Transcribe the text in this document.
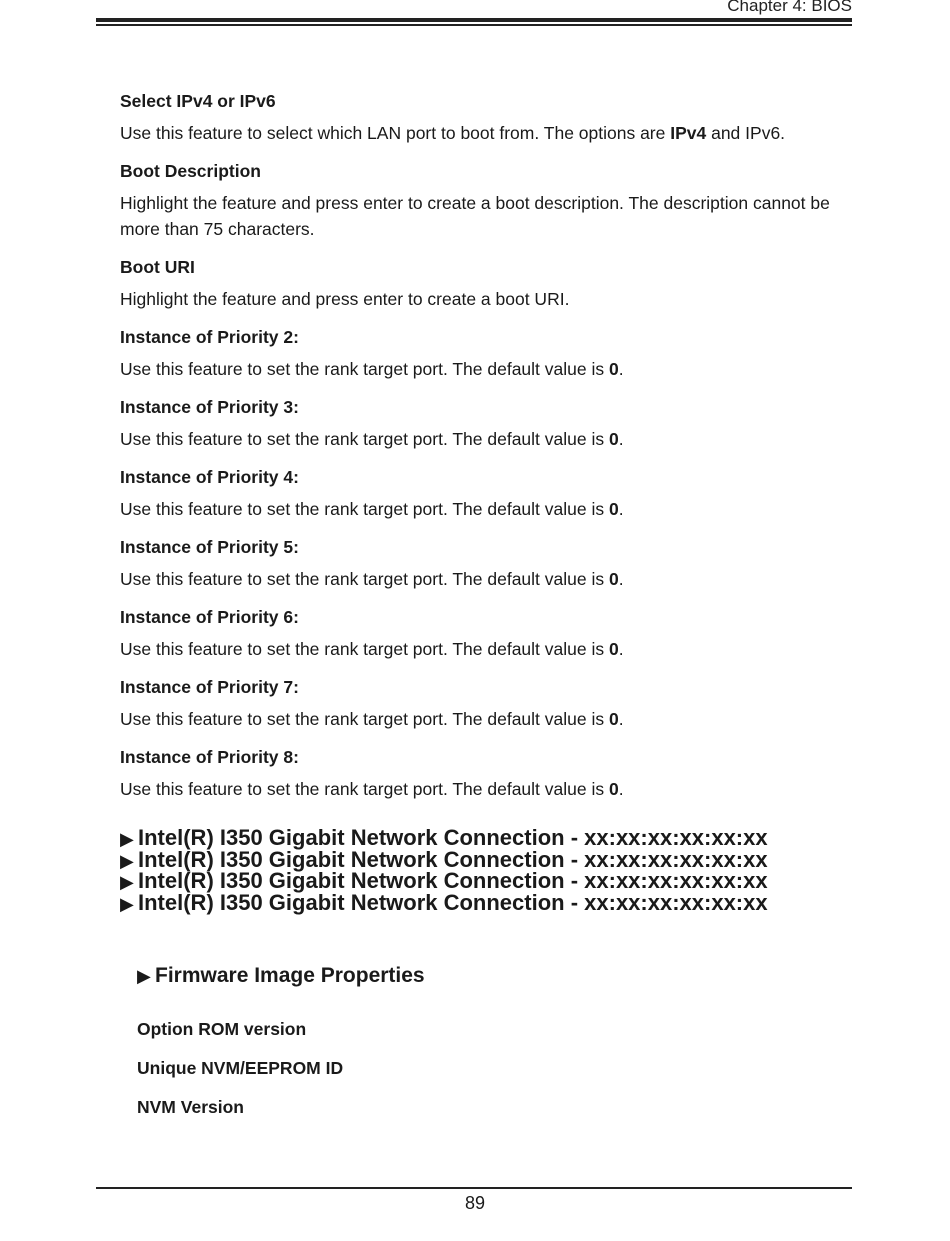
Chapter 4: BIOS
Select IPv4 or IPv6
Use this feature to select which LAN port to boot from. The options are IPv4 and IPv6.
Boot Description
Highlight the feature and press enter to create a boot description. The description cannot be more than 75 characters.
Boot URI
Highlight the feature and press enter to create a boot URI.
Instance of Priority 2:
Use this feature to set the rank target port. The default value is 0.
Instance of Priority 3:
Use this feature to set the rank target port. The default value is 0.
Instance of Priority 4:
Use this feature to set the rank target port. The default value is 0.
Instance of Priority 5:
Use this feature to set the rank target port. The default value is 0.
Instance of Priority 6:
Use this feature to set the rank target port. The default value is 0.
Instance of Priority 7:
Use this feature to set the rank target port. The default value is 0.
Instance of Priority 8:
Use this feature to set the rank target port. The default value is 0.
▶ Intel(R) I350 Gigabit Network Connection - xx:xx:xx:xx:xx:xx
▶ Intel(R) I350 Gigabit Network Connection - xx:xx:xx:xx:xx:xx
▶ Intel(R) I350 Gigabit Network Connection - xx:xx:xx:xx:xx:xx
▶ Intel(R) I350 Gigabit Network Connection - xx:xx:xx:xx:xx:xx
▶ Firmware Image Properties
Option ROM version
Unique NVM/EEPROM ID
NVM Version
89
